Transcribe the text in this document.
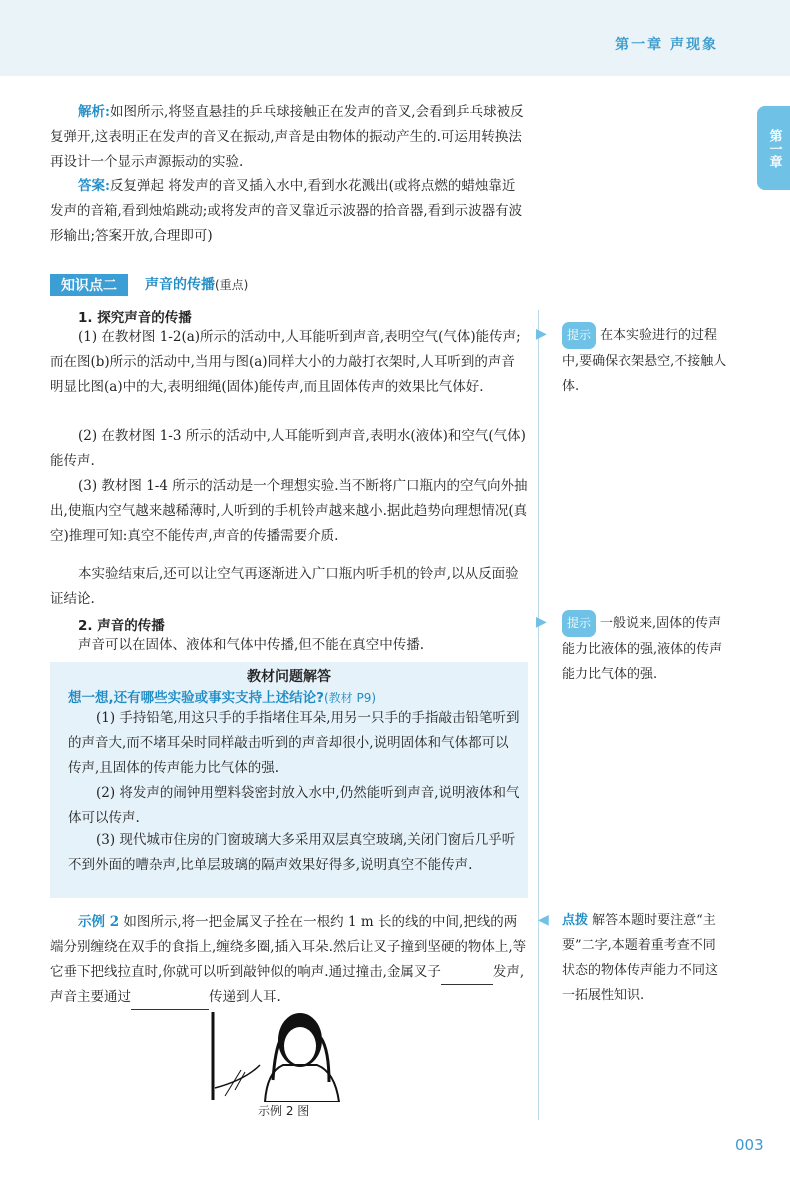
第一章 声现象
第一章

解析:如图所示,将竖直悬挂的乒乓球接触正在发声的音叉,会看到乒乓球被反复弹开,这表明正在发声的音叉在振动,声音是由物体的振动产生的.可运用转换法再设计一个显示声源振动的实验.

答案:反复弹起 将发声的音叉插入水中,看到水花溅出(或将点燃的蜡烛靠近发声的音箱,看到烛焰跳动;或将发声的音叉靠近示波器的拾音器,看到示波器有波形输出;答案开放,合理即可)

知识点二	声音的传播(重点)
1. 探究声音的传播

(1) 在教材图 1-2(a)所示的活动中,人耳能听到声音,表明空气(气体)能传声;而在图(b)所示的活动中,当用与图(a)同样大小的力敲打衣架时,人耳听到的声音明显比图(a)中的大,表明细绳(固体)能传声,而且固体传声的效果比气体好.

(2) 在教材图 1-3 所示的活动中,人耳能听到声音,表明水(液体)和空气(气体)能传声.

(3) 教材图 1-4 所示的活动是一个理想实验.当不断将广口瓶内的空气向外抽出,使瓶内空气越来越稀薄时,人听到的手机铃声越来越小.据此趋势向理想情况(真空)推理可知:真空不能传声,声音的传播需要介质.

本实验结束后,还可以让空气再逐渐进入广口瓶内听手机的铃声,以从反面验证结论.

2. 声音的传播

声音可以在固体、液体和气体中传播,但不能在真空中传播.

教材问题解答
想一想,还有哪些实验或事实支持上述结论?(教材 P9)

(1) 手持铅笔,用这只手的手指堵住耳朵,用另一只手的手指敲击铅笔听到的声音大,而不堵耳朵时同样敲击听到的声音却很小,说明固体和气体都可以传声,且固体的传声能力比气体的强.

(2) 将发声的闹钟用塑料袋密封放入水中,仍然能听到声音,说明液体和气体可以传声.

(3) 现代城市住房的门窗玻璃大多采用双层真空玻璃,关闭门窗后几乎听不到外面的嘈杂声,比单层玻璃的隔声效果好得多,说明真空不能传声.

示例 2 如图所示,将一把金属叉子拴在一根约 1 m 长的线的中间,把线的两端分别缠绕在双手的食指上,缠绕多圈,插入耳朵.然后让叉子撞到坚硬的物体上,等它垂下把线拉直时,你就可以听到敲钟似的响声.通过撞击,金属叉子	发声,声音主要通过	传递到人耳.

示例 2 图
▶	提示 在本实验进行的过程中,要确保衣架悬空,不接触人体.
▶	提示 一般说来,固体的传声能力比液体的强,液体的传声能力比气体的强.
◀ 点拨 解答本题时要注意“主要”二字,本题着重考查不同状态的物体传声能力不同这一拓展性知识.
003
